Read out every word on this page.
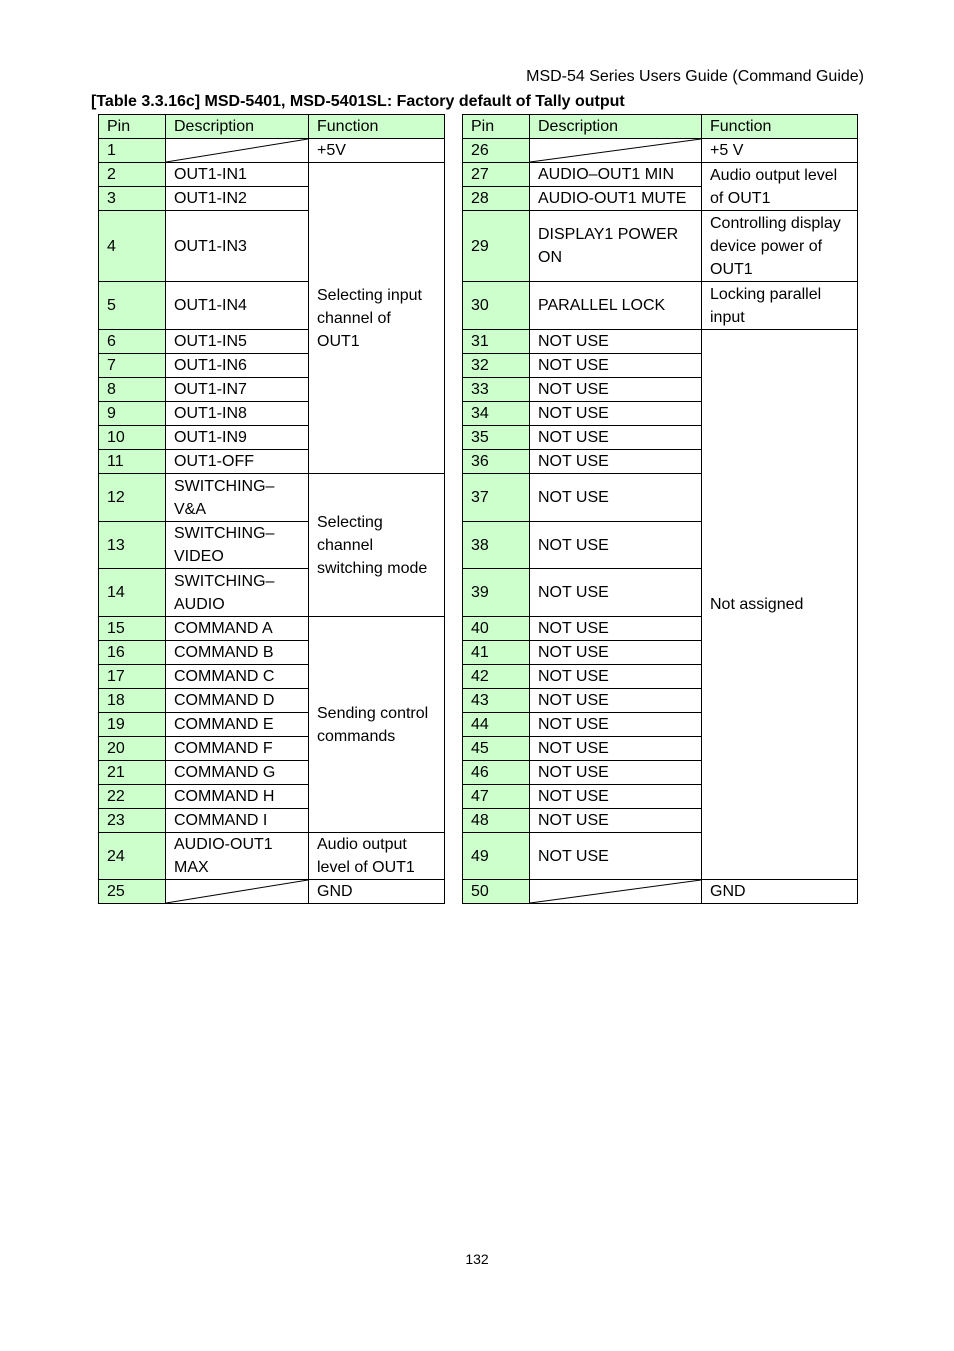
MSD-54 Series Users Guide (Command Guide)
[Table 3.3.16c] MSD-5401, MSD-5401SL: Factory default of Tally output
Pin	Description	Function
1		+5V
2	OUT1-IN1	Selecting input channel of OUT1
3	OUT1-IN2	
4	OUT1-IN3	
5	OUT1-IN4	
6	OUT1-IN5	
7	OUT1-IN6	
8	OUT1-IN7	
9	OUT1-IN8	
10	OUT1-IN9	
11	OUT1-OFF	
12	SWITCHING–V&A	Selecting channel switching mode
13	SWITCHING–VIDEO	
14	SWITCHING–AUDIO	
15	COMMAND A	Sending control commands
16	COMMAND B	
17	COMMAND C	
18	COMMAND D	
19	COMMAND E	
20	COMMAND F	
21	COMMAND G	
22	COMMAND H	
23	COMMAND I	
24	AUDIO-OUT1 MAX	Audio output level of OUT1
25		GND
Pin	Description	Function
26		+5 V
27	AUDIO–OUT1 MIN	Audio output level of OUT1
28	AUDIO-OUT1 MUTE	
29	DISPLAY1 POWER ON	Controlling display device power of OUT1
30	PARALLEL LOCK	Locking parallel input
31	NOT USE	Not assigned
32	NOT USE	
33	NOT USE	
34	NOT USE	
35	NOT USE	
36	NOT USE	
37	NOT USE	
38	NOT USE	
39	NOT USE	
40	NOT USE	
41	NOT USE	
42	NOT USE	
43	NOT USE	
44	NOT USE	
45	NOT USE	
46	NOT USE	
47	NOT USE	
48	NOT USE	
49	NOT USE	
50		GND
132
